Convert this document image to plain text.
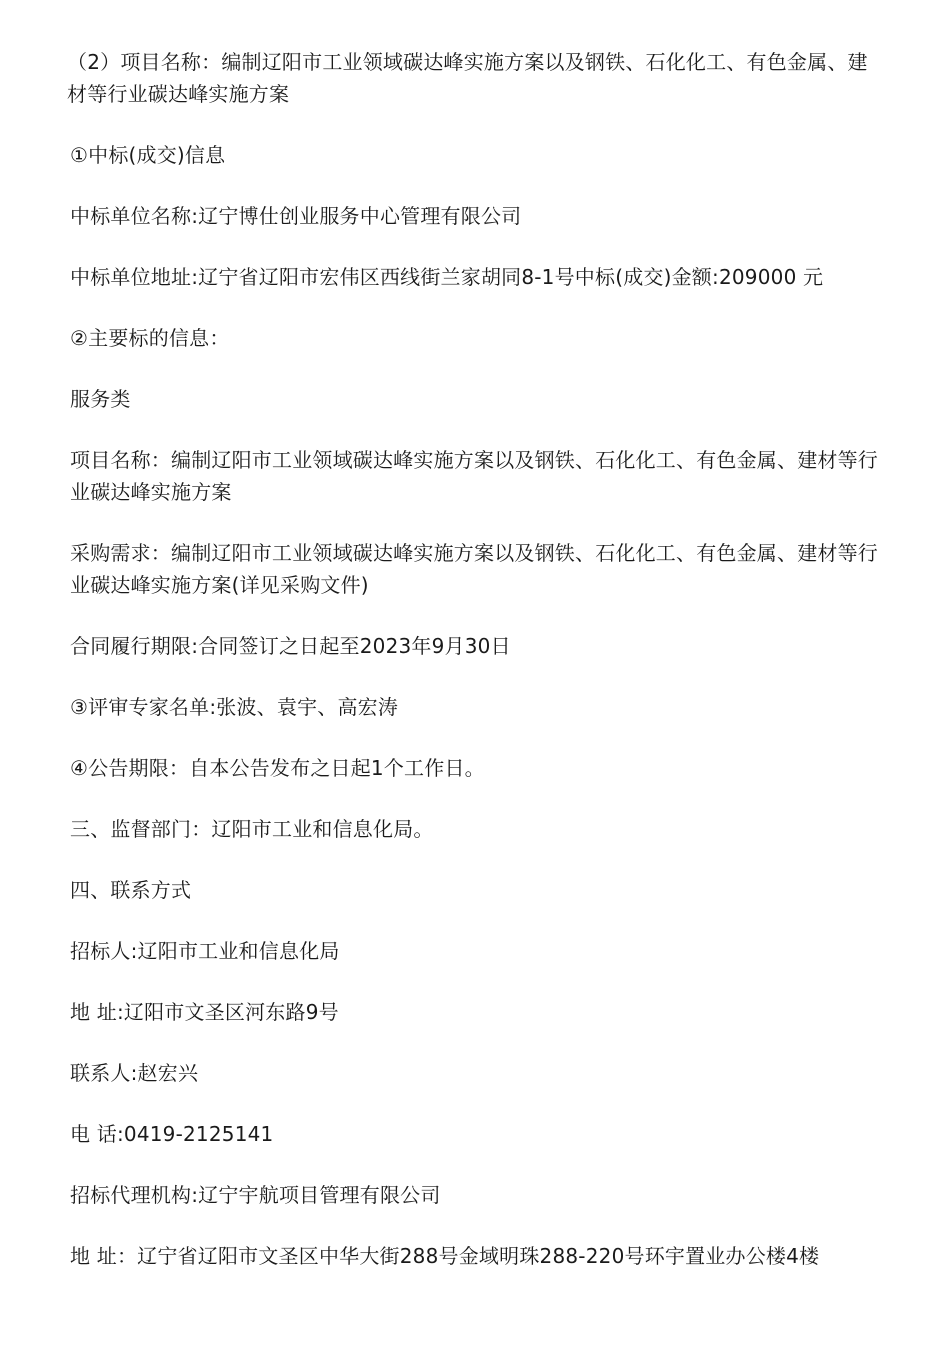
（2）项目名称：编制辽阳市工业领域碳达峰实施方案以及钢铁、石化化工、有色金属、建材等行业碳达峰实施方案

①中标(成交)信息

中标单位名称:辽宁博仕创业服务中心管理有限公司

中标单位地址:辽宁省辽阳市宏伟区西线街兰家胡同8-1号中标(成交)金额:209000 元

②主要标的信息：

服务类

项目名称：编制辽阳市工业领域碳达峰实施方案以及钢铁、石化化工、有色金属、建材等行业碳达峰实施方案

采购需求：编制辽阳市工业领域碳达峰实施方案以及钢铁、石化化工、有色金属、建材等行业碳达峰实施方案(详见采购文件)

合同履行期限:合同签订之日起至2023年9月30日

③评审专家名单:张波、袁宇、高宏涛

④公告期限：自本公告发布之日起1个工作日。

三、监督部门：辽阳市工业和信息化局。

四、联系方式

招标人:辽阳市工业和信息化局

地 址:辽阳市文圣区河东路9号

联系人:赵宏兴

电 话:0419-2125141

招标代理机构:辽宁宇航项目管理有限公司

地 址：辽宁省辽阳市文圣区中华大街288号金域明珠288-220号环宇置业办公楼4楼
